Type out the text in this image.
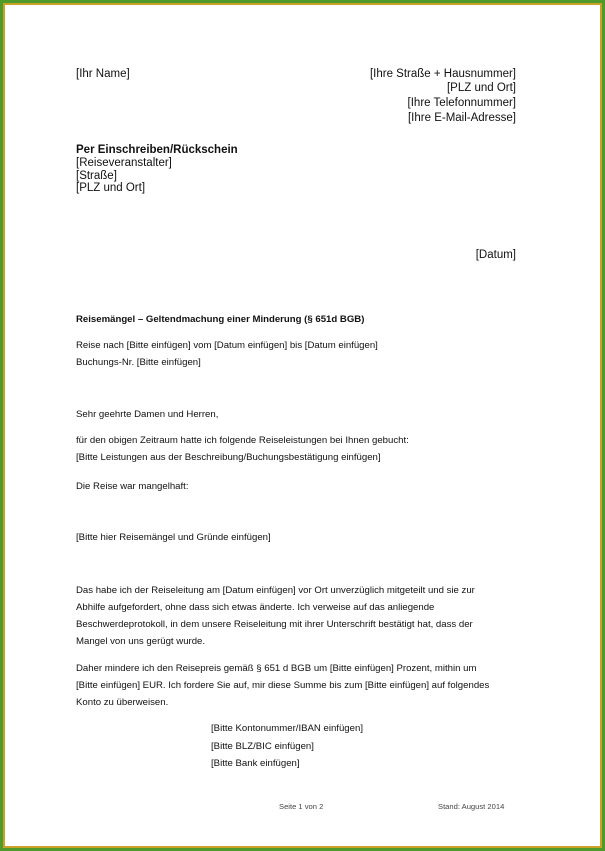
[Ihr Name]	[Ihre Straße + Hausnummer]
[PLZ und Ort]
[Ihre Telefonnummer]
[Ihre E-Mail-Adresse]
Per Einschreiben/Rückschein
[Reiseveranstalter]
[Straße]
[PLZ und Ort]
[Datum]
Reisemängel – Geltendmachung einer Minderung (§ 651d BGB)
Reise nach [Bitte einfügen] vom [Datum einfügen] bis [Datum einfügen]
Buchungs-Nr. [Bitte einfügen]
Sehr geehrte Damen und Herren,
für den obigen Zeitraum hatte ich folgende Reiseleistungen bei Ihnen gebucht:
[Bitte Leistungen aus der Beschreibung/Buchungsbestätigung einfügen]
Die Reise war mangelhaft:
[Bitte hier Reisemängel und Gründe einfügen]
Das habe ich der Reiseleitung am [Datum einfügen] vor Ort unverzüglich mitgeteilt und sie zur
Abhilfe aufgefordert, ohne dass sich etwas änderte. Ich verweise auf das anliegende
Beschwerdeprotokoll, in dem unsere Reiseleitung mit ihrer Unterschrift bestätigt hat, dass der
Mangel von uns gerügt wurde.
Daher mindere ich den Reisepreis gemäß § 651 d BGB um [Bitte einfügen] Prozent, mithin um
[Bitte einfügen] EUR. Ich fordere Sie auf, mir diese Summe bis zum [Bitte einfügen] auf folgendes
Konto zu überweisen.
[Bitte Kontonummer/IBAN einfügen]
[Bitte BLZ/BIC einfügen]
[Bitte Bank einfügen]
Seite 1 von 2	Stand: August 2014
